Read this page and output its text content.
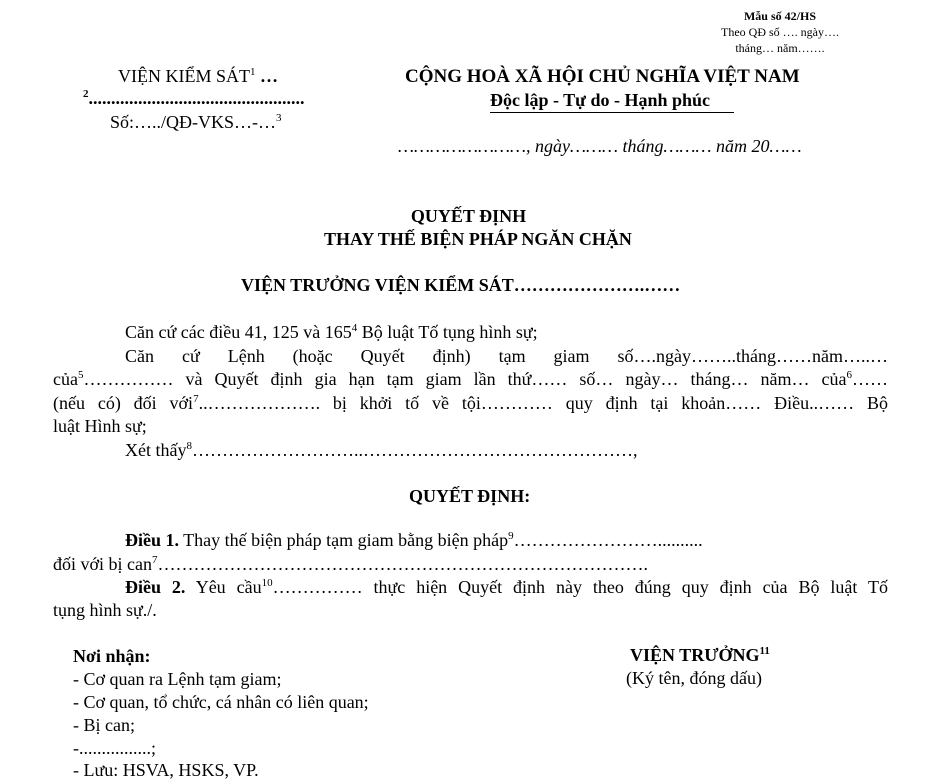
Mẫu số 42/HS
Theo QĐ số …. ngày….
tháng… năm…….
VIỆN KIỂM SÁT$^1$ …
$^2$................................................
Số:…../QĐ-VKS…-…$^3$
CỘNG HOÀ XÃ HỘI CHỦ NGHĨA VIỆT NAM
Độc lập - Tự do - Hạnh phúc
……………………, ngày……… tháng……… năm 20……
QUYẾT ĐỊNH
THAY THẾ BIỆN PHÁP NGĂN CHẶN
VIỆN TRƯỞNG VIỆN KIỂM SÁT………………….……
Căn cứ các điều 41, 125 và $165^4$ Bộ luật Tố tụng hình sự;
Căn cứ Lệnh (hoặc Quyết định) tạm giam số….ngày……..tháng……năm…..…
của$^5$…………… và Quyết định gia hạn tạm giam lần thứ…… số… ngày… tháng… năm… của$^6$……
(nếu có) đối với$^7$..………………. bị khởi tố về tội………… quy định tại khoản…… Điều..…… Bộ
luật Hình sự;
Xét thấy$^8$………………………..………………………………………,
QUYẾT ĐỊNH:
Điều 1. Thay thế biện pháp tạm giam bằng biện pháp$^9$……………………..........
đối với bị can$^7$……………………………………………………………………….
Điều 2. Yêu cầu$^{10}$…………… thực hiện Quyết định này theo đúng quy định của Bộ luật Tố
tụng hình sự./.
Nơi nhận:
- Cơ quan ra Lệnh tạm giam;
- Cơ quan, tổ chức, cá nhân có liên quan;
- Bị can;
-................;
- Lưu: HSVA, HSKS, VP.
VIỆN TRƯỞNG$^{11}$
(Ký tên, đóng dấu)
